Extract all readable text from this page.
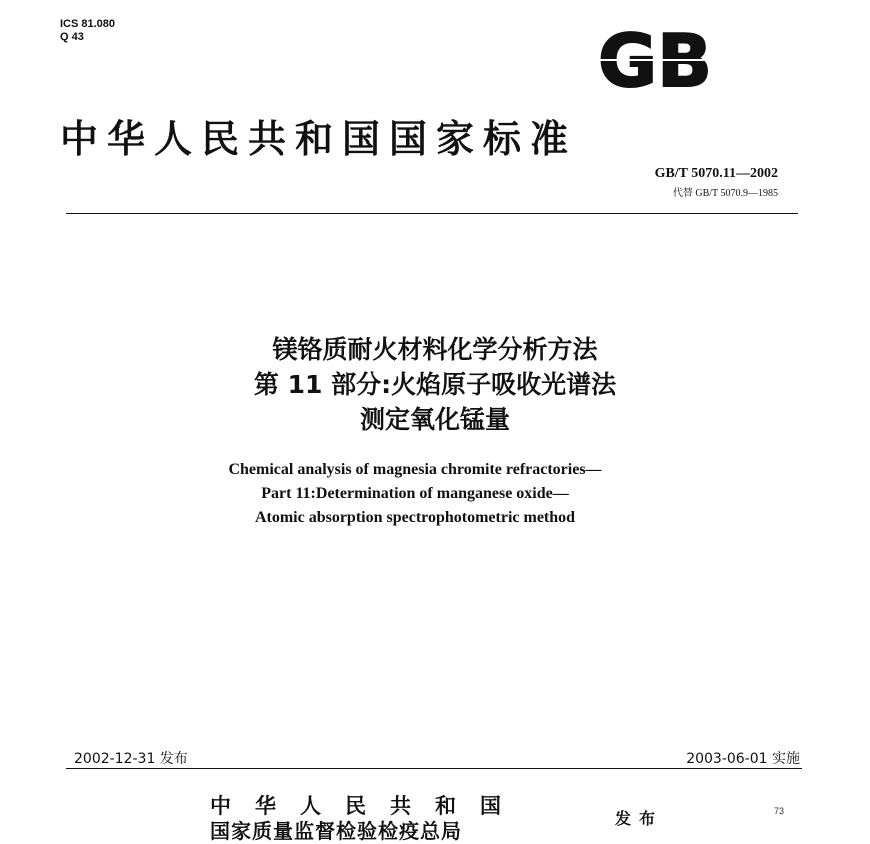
ICS 81.080
Q 43	GB
中华人民共和国国家标准
GB/T 5070.11—2002
代替 GB/T 5070.9—1985
镁铬质耐火材料化学分析方法
第 11 部分:火焰原子吸收光谱法
测定氧化锰量
Chemical analysis of magnesia chromite refractories—
Part 11:Determination of manganese oxide—
Atomic absorption spectrophotometric method
2002-12-31 发布	2003-06-01 实施
中华人民共和国
国家质量监督检验检疫总局
发布	73
